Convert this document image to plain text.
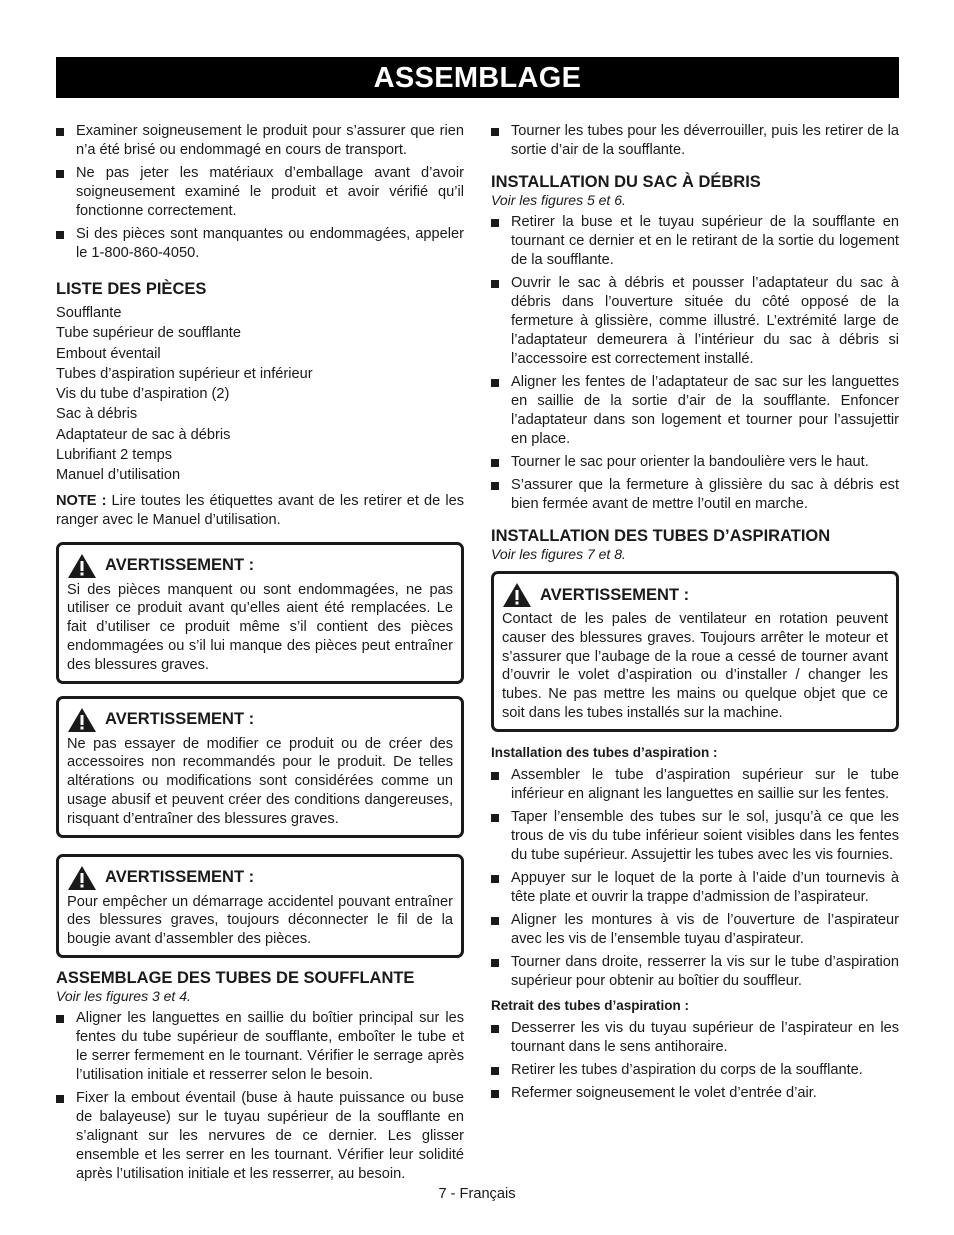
ASSEMBLAGE
Examiner soigneusement le produit pour s’assurer que rien n’a été brisé ou endommagé en cours de transport.
Ne pas jeter les matériaux d’emballage avant d’avoir soigneusement examiné le produit et avoir vérifié qu’il fonctionne correctement.
Si des pièces sont manquantes ou endommagées, appeler le 1-800-860-4050.
LISTE DES PIÈCES
Soufflante
Tube supérieur de soufflante
Embout éventail
Tubes d’aspiration supérieur et inférieur
Vis du tube d’aspiration (2)
Sac à débris
Adaptateur de sac à débris
Lubrifiant 2 temps
Manuel d’utilisation

NOTE : Lire toutes les étiquettes avant de les retirer et de les ranger avec le Manuel d’utilisation.

AVERTISSEMENT :

Si des pièces manquent ou sont endommagées, ne pas utiliser ce produit avant qu’elles aient été remplacées. Le fait d’utiliser ce produit même s’il contient des pièces endommagées ou s’il lui manque des pièces peut entraîner des blessures graves.

AVERTISSEMENT :

Ne pas essayer de modifier ce produit ou de créer des accessoires non recommandés pour le produit. De telles altérations ou modifications sont considérées comme un usage abusif et peuvent créer des conditions dangereuses, risquant d’entraîner des blessures graves.

AVERTISSEMENT :

Pour empêcher un démarrage accidentel pouvant entraîner des blessures graves, toujours déconnecter le fil de la bougie avant d’assembler des pièces.

ASSEMBLAGE DES TUBES DE SOUFFLANTE

Voir les figures 3 et 4.

Aligner les languettes en saillie du boîtier principal sur les fentes du tube supérieur de soufflante, emboîter le tube et le serrer fermement en le tournant. Vérifier le serrage après l’utilisation initiale et resserrer selon le besoin.
Fixer la embout éventail (buse à haute puissance ou buse de balayeuse) sur le tuyau supérieur de la soufflante en s’alignant sur les nervures de ce dernier. Les glisser ensemble et les serrer en les tournant. Vérifier leur solidité après l’utilisation initiale et les resserrer, au besoin.
Tourner les tubes pour les déverrouiller, puis les retirer de la sortie d’air de la soufflante.
INSTALLATION DU SAC À DÉBRIS

Voir les figures 5 et 6.

Retirer la buse et le tuyau supérieur de la soufflante en tournant ce dernier et en le retirant de la sortie du logement de la soufflante.
Ouvrir le sac à débris et pousser l’adaptateur du sac à débris dans l’ouverture située du côté opposé de la fermeture à glissière, comme illustré. L’extrémité large de l’adaptateur demeurera à l’intérieur du sac à débris si l’accessoire est correctement installé.
Aligner les fentes de l’adaptateur de sac sur les languettes en saillie de la sortie d’air de la soufflante. Enfoncer l’adaptateur dans son logement et tourner pour l’assujettir en place.
Tourner le sac pour orienter la bandoulière vers le haut.
S’assurer que la fermeture à glissière du sac à débris est bien fermée avant de mettre l’outil en marche.
INSTALLATION DES TUBES D’ASPIRATION

Voir les figures 7 et 8.

AVERTISSEMENT :

Contact de les pales de ventilateur en rotation peuvent causer des blessures graves. Toujours arrêter le moteur et s’assurer que l’aubage de la roue a cessé de tourner avant d’ouvrir le volet d’aspiration ou d’installer / changer les tubes. Ne pas mettre les mains ou quelque objet que ce soit dans les tubes installés sur la machine.

Installation des tubes d’aspiration :

Assembler le tube d’aspiration supérieur sur le tube inférieur en alignant les languettes en saillie sur les fentes.
Taper l’ensemble des tubes sur le sol, jusqu’à ce que les trous de vis du tube inférieur soient visibles dans les fentes du tube supérieur. Assujettir les tubes avec les vis fournies.
Appuyer sur le loquet de la porte à l’aide d’un tournevis à tête plate et ouvrir la trappe d’admission de l’aspirateur.
Aligner les montures à vis de l’ouverture de l’aspirateur avec les vis de l’ensemble tuyau d’aspirateur.
Tourner dans droite, resserrer la vis sur le tube d’aspiration supérieur pour obtenir au boîtier du souffleur.

Retrait des tubes d’aspiration :

Desserrer les vis du tuyau supérieur de l’aspirateur en les tournant dans le sens antihoraire.
Retirer les tubes d’aspiration du corps de la soufflante.
Refermer soigneusement le volet d’entrée d’air.
7 - Français
